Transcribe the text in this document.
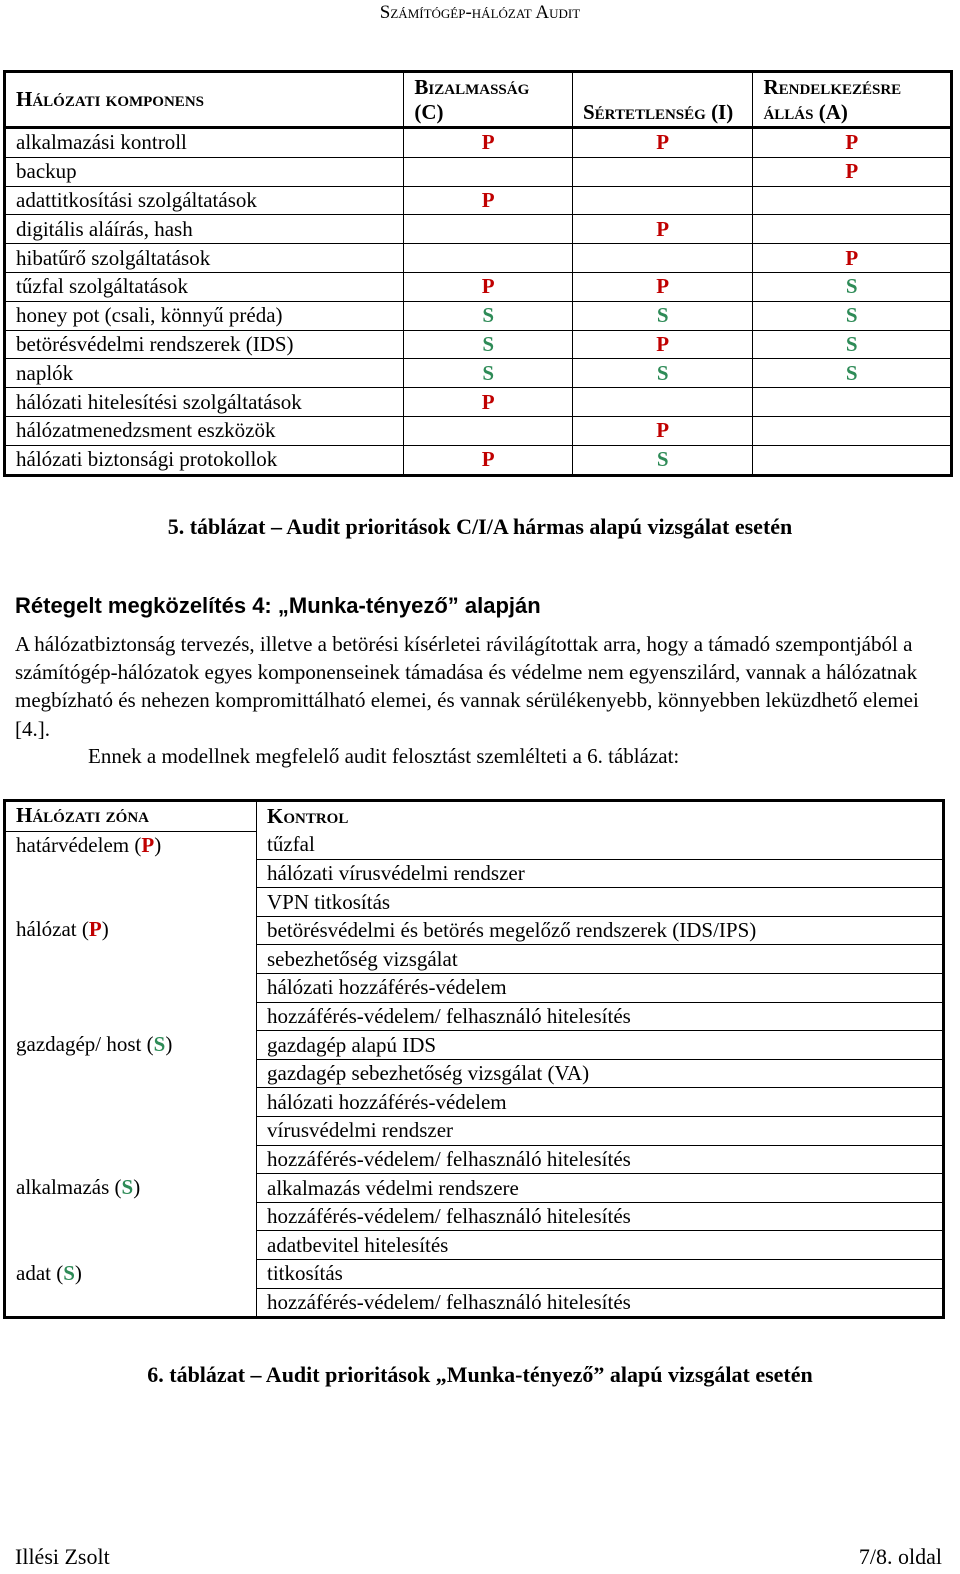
Számítógép-hálózat Audit
Hálózati komponens	Bizalmasság (C)	Sértetlenség (I)	Rendelkezésre állás (A)
alkalmazási kontroll	P	P	P
backup			P
adattitkosítási szolgáltatások	P		
digitális aláírás, hash		P	
hibatűrő szolgáltatások			P
tűzfal szolgáltatások	P	P	S
honey pot (csali, könnyű préda)	S	S	S
betörésvédelmi rendszerek (IDS)	S	P	S
naplók	S	S	S
hálózati hitelesítési szolgáltatások	P		
hálózatmenedzsment eszközök		P	
hálózati biztonsági protokollok	P	S	
5. táblázat – Audit prioritások C/I/A hármas alapú vizsgálat esetén
Rétegelt megközelítés 4: „Munka-tényező” alapján
A hálózatbiztonság tervezés, illetve a betörési kísérletei rávilágítottak arra, hogy a támadó szempontjából a számítógép-hálózatok egyes komponenseinek támadása és védelme nem egyenszilárd, vannak a hálózatnak megbízható és nehezen kompromittálható elemei, és vannak sérülékenyebb, könnyebben leküzdhető elemei [4.].
Ennek a modellnek megfelelő audit felosztást szemlélteti a 6. táblázat:
Hálózati zóna	Kontrol
határvédelem (P)	tűzfal
	hálózati vírusvédelmi rendszer
	VPN titkosítás
hálózat (P)	betörésvédelmi és betörés megelőző rendszerek (IDS/IPS)
	sebezhetőség vizsgálat
	hálózati hozzáférés-védelem
	hozzáférés-védelem/ felhasználó hitelesítés
gazdagép/ host (S)	gazdagép alapú IDS
	gazdagép sebezhetőség vizsgálat (VA)
	hálózati hozzáférés-védelem
	vírusvédelmi rendszer
	hozzáférés-védelem/ felhasználó hitelesítés
alkalmazás (S)	alkalmazás védelmi rendszere
	hozzáférés-védelem/ felhasználó hitelesítés
	adatbevitel hitelesítés
adat (S)	titkosítás
	hozzáférés-védelem/ felhasználó hitelesítés
6. táblázat – Audit prioritások „Munka-tényező” alapú vizsgálat esetén
Illési Zsolt	7/8. oldal
